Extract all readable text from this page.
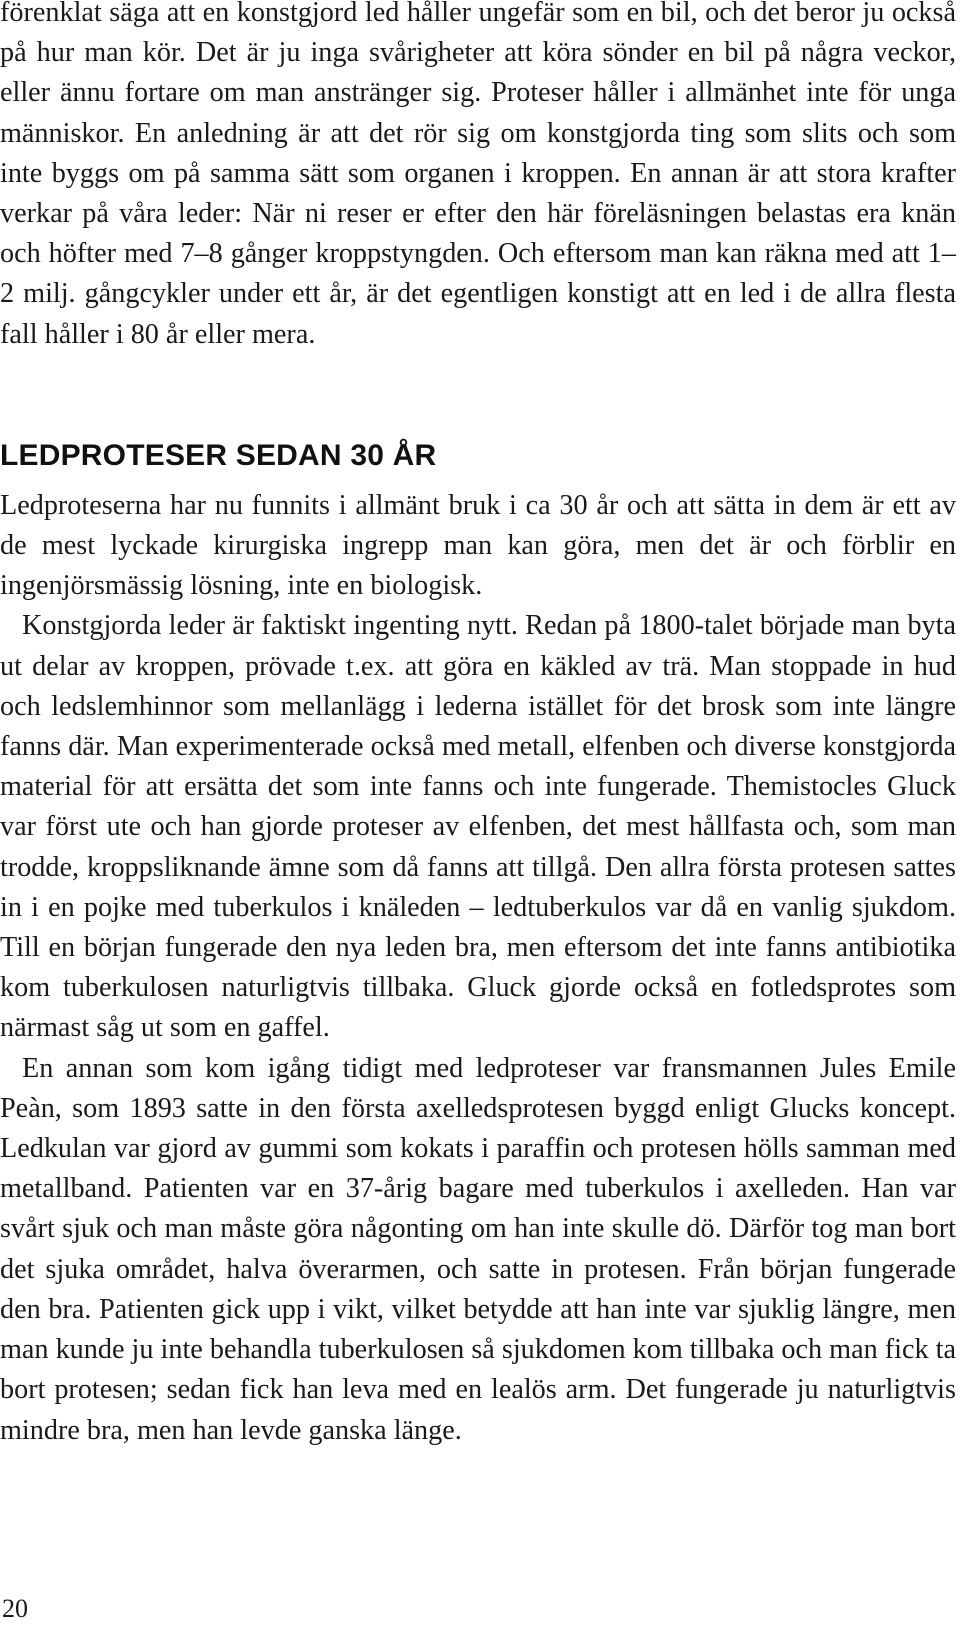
förenklat säga att en konstgjord led håller ungefär som en bil, och det beror ju också på hur man kör. Det är ju inga svårigheter att köra sönder en bil på några veckor, eller ännu fortare om man anstränger sig. Proteser håller i allmänhet inte för unga människor. En anledning är att det rör sig om konstgjorda ting som slits och som inte byggs om på samma sätt som organen i kroppen. En annan är att stora krafter verkar på våra leder: När ni reser er efter den här föreläsningen belastas era knän och höfter med 7–8 gånger kroppstyngden. Och eftersom man kan räkna med att 1–2 milj. gångcykler under ett år, är det egentligen konstigt att en led i de allra flesta fall håller i 80 år eller mera.

LEDPROTESER SEDAN 30 ÅR

Ledproteserna har nu funnits i allmänt bruk i ca 30 år och att sätta in dem är ett av de mest lyckade kirurgiska ingrepp man kan göra, men det är och förblir en ingenjörsmässig lösning, inte en biologisk.

Konstgjorda leder är faktiskt ingenting nytt. Redan på 1800-talet började man byta ut delar av kroppen, prövade t.ex. att göra en käkled av trä. Man stoppade in hud och ledslemhinnor som mellanlägg i lederna istället för det brosk som inte längre fanns där. Man experimenterade också med metall, elfenben och diverse konstgjorda material för att ersätta det som inte fanns och inte fungerade. Themistocles Gluck var först ute och han gjorde proteser av elfenben, det mest hållfasta och, som man trodde, kroppsliknande ämne som då fanns att tillgå. Den allra första protesen sattes in i en pojke med tuberkulos i knäleden – ledtuberkulos var då en vanlig sjukdom. Till en början fungerade den nya leden bra, men eftersom det inte fanns antibiotika kom tuberkulosen naturligtvis tillbaka. Gluck gjorde också en fotledsprotes som närmast såg ut som en gaffel.

En annan som kom igång tidigt med ledproteser var fransmannen Jules Emile Peàn, som 1893 satte in den första axelledsprotesen byggd enligt Glucks koncept. Ledkulan var gjord av gummi som kokats i paraffin och protesen hölls samman med metallband. Patienten var en 37-årig bagare med tuberkulos i axelleden. Han var svårt sjuk och man måste göra någonting om han inte skulle dö. Därför tog man bort det sjuka området, halva överarmen, och satte in protesen. Från början fungerade den bra. Patienten gick upp i vikt, vilket betydde att han inte var sjuklig längre, men man kunde ju inte behandla tuberkulosen så sjukdomen kom tillbaka och man fick ta bort protesen; sedan fick han leva med en lealös arm. Det fungerade ju naturligtvis mindre bra, men han levde ganska länge.

20
